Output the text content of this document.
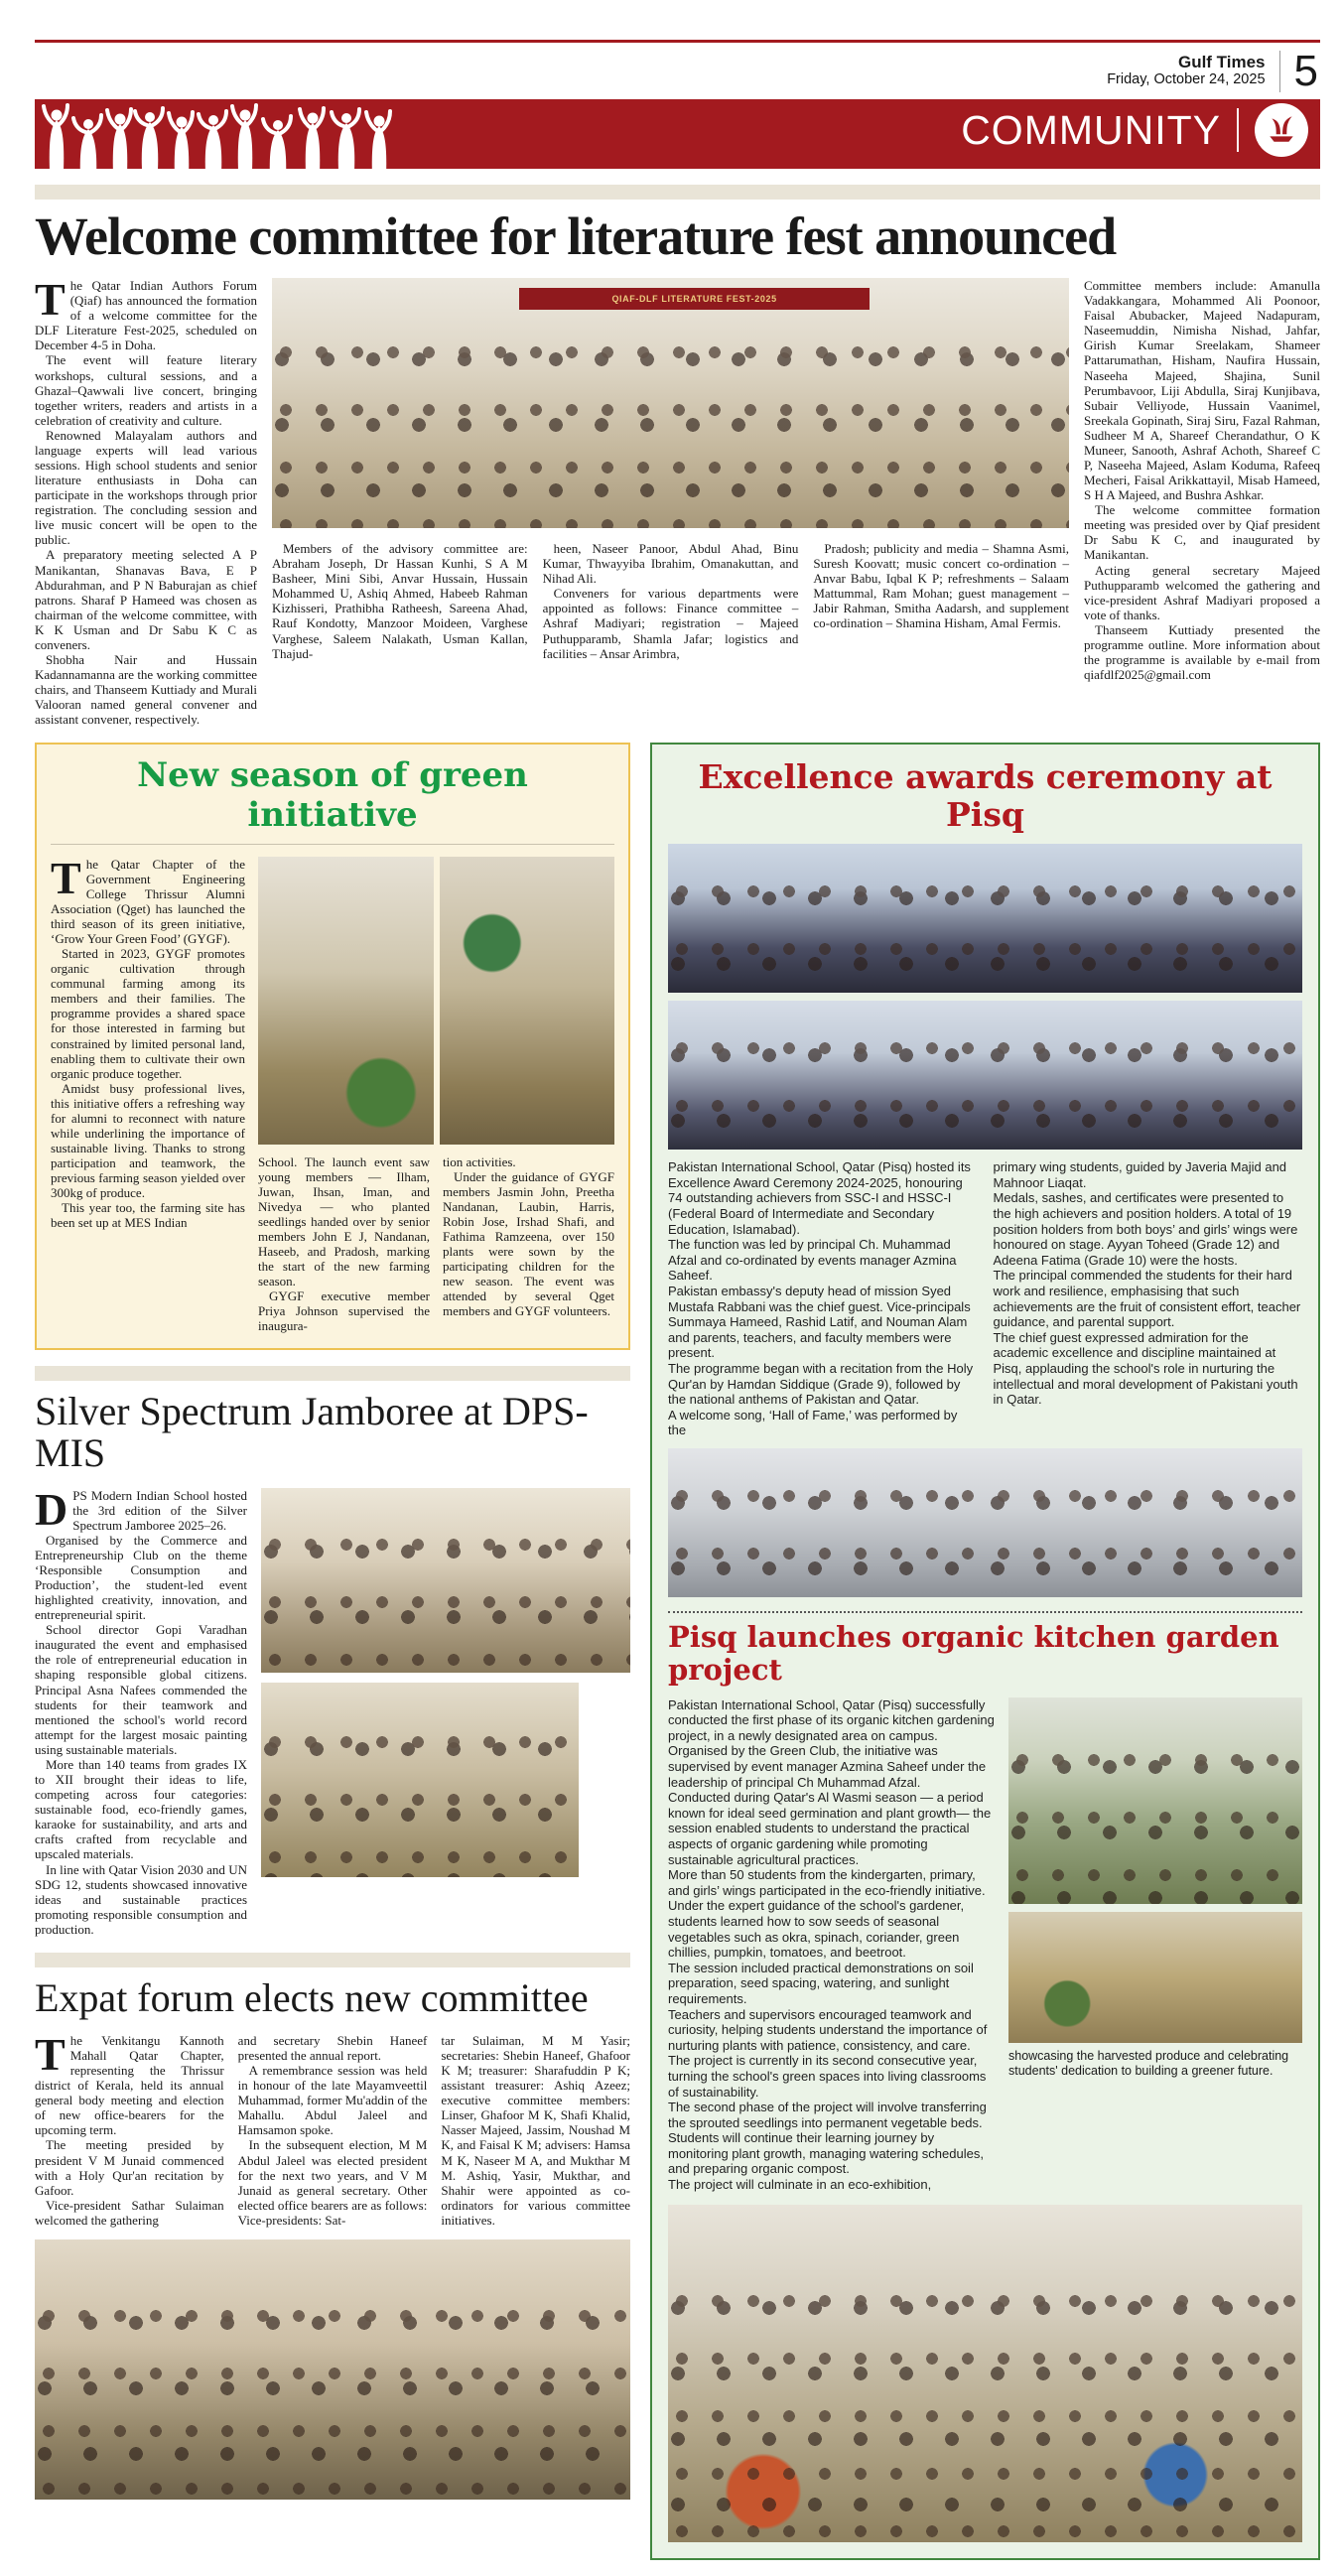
Gulf Times
Friday, October 24, 2025 5
COMMUNITY
Welcome committee for literature fest announced

The Qatar Indian Authors Forum (Qiaf) has announced the formation of a welcome committee for the DLF Literature Fest-2025, scheduled on December 4-5 in Doha.

The event will feature literary workshops, cultural sessions, and a Ghazal–Qawwali live concert, bringing together writers, readers and artists in a celebration of creativity and culture.

Renowned Malayalam authors and language experts will lead various sessions. High school students and senior literature enthusiasts in Doha can participate in the workshops through prior registration. The concluding session and live music concert will be open to the public.

A preparatory meeting selected A P Manikantan, Shanavas Bava, E P Abdurahman, and P N Baburajan as chief patrons. Sharaf P Hameed was chosen as chairman of the welcome committee, with K K Usman and Dr Sabu K C as conveners.

Shobha Nair and Hussain Kadannamanna are the working committee chairs, and Thanseem Kuttiady and Murali Valooran named general convener and assistant convener, respectively.

QIAF-DLF LITERATURE FEST-2025

Members of the advisory committee are: Abraham Joseph, Dr Hassan Kunhi, S A M Basheer, Mini Sibi, Anvar Hussain, Hussain Mohammed U, Ashiq Ahmed, Habeeb Rahman Kizhisseri, Prathibha Ratheesh, Sareena Ahad, Rauf Kondotty, Manzoor Moideen, Varghese Varghese, Saleem Nalakath, Usman Kallan, Thajud-

heen, Naseer Panoor, Abdul Ahad, Binu Kumar, Thwayyiba Ibrahim, Omanakuttan, and Nihad Ali.

Conveners for various departments were appointed as follows: Finance committee – Ashraf Madiyari; registration – Majeed Puthupparamb, Shamla Jafar; logistics and facilities – Ansar Arimbra,

Pradosh; publicity and media – Shamna Asmi, Suresh Koovatt; music concert co-ordination – Anvar Babu, Iqbal K P; refreshments – Salaam Mattummal, Ram Mohan; guest management – Jabir Rahman, Smitha Aadarsh, and supplement co-ordination – Shamina Hisham, Amal Fermis.

Committee members include: Amanulla Vadakkangara, Mohammed Ali Poonoor, Faisal Abubacker, Majeed Nadapuram, Naseemuddin, Nimisha Nishad, Jahfar, Girish Kumar Sreelakam, Shameer Pattarumathan, Hisham, Naufira Hussain, Naseeha Majeed, Shajina, Sunil Perumbavoor, Liji Abdulla, Siraj Kunjibava, Subair Velliyode, Hussain Vaanimel, Sreekala Gopinath, Siraj Siru, Fazal Rahman, Sudheer M A, Shareef Cherandathur, O K Muneer, Sanooth, Ashraf Achoth, Shareef C P, Naseeha Majeed, Aslam Koduma, Rafeeq Mecheri, Faisal Arikkattayil, Misab Hameed, S H A Majeed, and Bushra Ashkar.

The welcome committee formation meeting was presided over by Qiaf president Dr Sabu K C, and inaugurated by Manikantan.

Acting general secretary Majeed Puthupparamb welcomed the gathering and vice-president Ashraf Madiyari proposed a vote of thanks.

Thanseem Kuttiady presented the programme outline. More information about the programme is available by e-mail from qiafdlf2025@gmail.com

New season of green initiative

The Qatar Chapter of the Government Engineering College Thrissur Alumni Association (Qget) has launched the third season of its green initiative, ‘Grow Your Green Food’ (GYGF).

Started in 2023, GYGF promotes organic cultivation through communal farming among its members and their families. The programme provides a shared space for those interested in farming but constrained by limited personal land, enabling them to cultivate their own organic produce together.

Amidst busy professional lives, this initiative offers a refreshing way for alumni to reconnect with nature while underlining the importance of sustainable living. Thanks to strong participation and teamwork, the previous farming season yielded over 300kg of produce.

This year too, the farming site has been set up at MES Indian

School. The launch event saw young members — Ilham, Juwan, Ihsan, Iman, and Nivedya — who planted seedlings handed over by senior members John E J, Nandanan, Haseeb, and Pradosh, marking the start of the new farming season.

GYGF executive member Priya Johnson supervised the inaugura-

tion activities.

Under the guidance of GYGF members Jasmin John, Preetha Nandanan, Laubin, Harris, Robin Jose, Irshad Shafi, and Fathima Ramzeena, over 150 plants were sown by the participating children for the new season. The event was attended by several Qget members and GYGF volunteers.

Silver Spectrum Jamboree at DPS-MIS

DPS Modern Indian School hosted the 3rd edition of the Silver Spectrum Jamboree 2025–26.

Organised by the Commerce and Entrepreneurship Club on the theme ‘Responsible Consumption and Production’, the student-led event highlighted creativity, innovation, and entrepreneurial spirit.

School director Gopi Varadhan inaugurated the event and emphasised the role of entrepreneurial education in shaping responsible global citizens. Principal Asna Nafees commended the students for their teamwork and mentioned the school's world record attempt for the largest mosaic painting using sustainable materials.

More than 140 teams from grades IX to XII brought their ideas to life, competing across four categories: sustainable food, eco-friendly games, karaoke for sustainability, and arts and crafts crafted from recyclable and upscaled materials.

In line with Qatar Vision 2030 and UN SDG 12, students showcased innovative ideas and sustainable practices promoting responsible consumption and production.

Expat forum elects new committee

The Venkitangu Kannoth Mahall Qatar Chapter, representing the Thrissur district of Kerala, held its annual general body meeting and election of new office-bearers for the upcoming term.

The meeting presided by president V M Junaid commenced with a Holy Qur'an recitation by Gafoor.

Vice-president Sathar Sulaiman welcomed the gathering

and secretary Shebin Haneef presented the annual report.

A remembrance session was held in honour of the late Mayamveettil Muhammad, former Mu'addin of the Mahallu. Abdul Jaleel and Hamsamon spoke.

In the subsequent election, M M Abdul Jaleel was elected president for the next two years, and V M Junaid as general secretary. Other elected office bearers are as follows: Vice-presidents: Sat-

tar Sulaiman, M M Yasir; secretaries: Shebin Haneef, Ghafoor K M; treasurer: Sharafuddin P K; assistant treasurer: Ashiq Azeez; executive committee members: Linser, Ghafoor M K, Shafi Khalid, Nasser Majeed, Jassim, Noushad M K, and Faisal K M; advisers: Hamsa M K, Naseer M A, and Mukthar M M. Ashiq, Yasir, Mukthar, and Shahir were appointed as co-ordinators for various committee initiatives.

Excellence awards ceremony at Pisq

Pakistan International School, Qatar (Pisq) hosted its Excellence Award Ceremony 2024-2025, honouring 74 outstanding achievers from SSC-I and HSSC-I (Federal Board of Intermediate and Secondary Education, Islamabad).

The function was led by principal Ch. Muhammad Afzal and co-ordinated by events manager Azmina Saheef.

Pakistan embassy's deputy head of mission Syed Mustafa Rabbani was the chief guest. Vice-principals Summaya Hameed, Rashid Latif, and Nouman Alam and parents, teachers, and faculty members were present.

The programme began with a recitation from the Holy Qur'an by Hamdan Siddique (Grade 9), followed by the national anthems of Pakistan and Qatar.

A welcome song, ‘Hall of Fame,’ was performed by the

primary wing students, guided by Javeria Majid and Mahnoor Liaqat.

Medals, sashes, and certificates were presented to the high achievers and position holders. A total of 19 position holders from both boys’ and girls’ wings were honoured on stage. Ayyan Toheed (Grade 12) and Adeena Fatima (Grade 10) were the hosts.

The principal commended the students for their hard work and resilience, emphasising that such achievements are the fruit of consistent effort, teacher guidance, and parental support.

The chief guest expressed admiration for the academic excellence and discipline maintained at Pisq, applauding the school's role in nurturing the intellectual and moral development of Pakistani youth in Qatar.

Pisq launches organic kitchen garden project

Pakistan International School, Qatar (Pisq) successfully conducted the first phase of its organic kitchen gardening project, in a newly designated area on campus. Organised by the Green Club, the initiative was supervised by event manager Azmina Saheef under the leadership of principal Ch Muhammad Afzal.

Conducted during Qatar's Al Wasmi season — a period known for ideal seed germination and plant growth— the session enabled students to understand the practical aspects of organic gardening while promoting sustainable agricultural practices.

More than 50 students from the kindergarten, primary, and girls’ wings participated in the eco-friendly initiative. Under the expert guidance of the school's gardener, students learned how to sow seeds of seasonal vegetables such as okra, spinach, coriander, green chillies, pumpkin, tomatoes, and beetroot.

The session included practical demonstrations on soil preparation, seed spacing, watering, and sunlight requirements.

Teachers and supervisors encouraged teamwork and curiosity, helping students understand the importance of nurturing plants with patience, consistency, and care. The project is currently in its second consecutive year, turning the school's green spaces into living classrooms of sustainability.

The second phase of the project will involve transferring the sprouted seedlings into permanent vegetable beds. Students will continue their learning journey by monitoring plant growth, managing watering schedules, and preparing organic compost.

The project will culminate in an eco-exhibition,

showcasing the harvested produce and celebrating students' dedication to building a greener future.
